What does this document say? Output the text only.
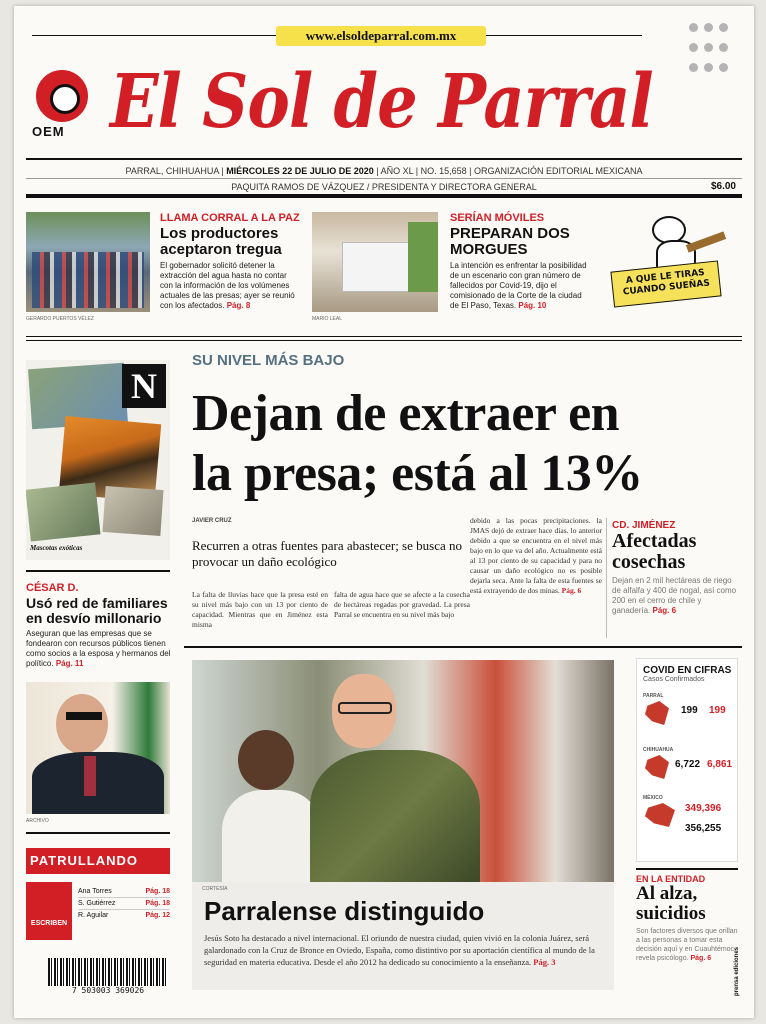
www.elsoldeparral.com.mx
OEM El Sol de Parral
PARRAL, CHIHUAHUA | MIÉRCOLES 22 DE JULIO DE 2020 | AÑO XL | NO. 15,658 | ORGANIZACIÓN EDITORIAL MEXICANA
PAQUITA RAMOS DE VÁZQUEZ / PRESIDENTA Y DIRECTORA GENERAL	$6.00
GERARDO PUERTOS VÉLEZ
LLAMA CORRAL A LA PAZ
Los productores aceptaron tregua
El gobernador solicitó detener la extracción del agua hasta no contar con la información de los volúmenes actuales de las presas; ayer se reunió con los afectados. Pág. 8
MARIO LEAL
SERÍAN MÓVILES
PREPARAN DOS MORGUES
La intención es enfrentar la posibilidad de un escenario con gran número de fallecidos por Covid-19, dijo el comisionado de la Corte de la ciudad de El Paso, Texas. Pág. 10
A QUE LE TIRAS CUANDO SUEÑAS
N
Mascotas exóticas
CÉSAR D.
Usó red de familiares en desvío millonario
Aseguran que las empresas que se fondearon con recursos públicos tienen como socios a la esposa y hermanos del político. Pág. 11
ARCHIVO
PATRULLANDO
ESCRIBEN
Ana Torres	Pág. 18
S. Gutiérrez	Pág. 18
R. Aguilar	Pág. 12
7 503003 369026
SU NIVEL MÁS BAJO
Dejan de extraer en
la presa; está al 13%
JAVIER CRUZ
Recurren a otras fuentes para abastecer; se busca no provocar un daño ecológico
La falta de lluvias hace que la presa esté en su nivel más bajo con un 13 por ciento de capacidad. Mientras que en Jiménez esta misma
falta de agua hace que se afecte a la cosecha de hectáreas regadas por gravedad. La presa Parral se encuentra en su nivel más bajo
debido a las pocas precipitaciones. la JMAS dejó de extraer hace días. lo anterior debido a que se encuentra en el nivel más bajo en lo que va del año. Actualmente está al 13 por ciento de su capacidad y para no causar un daño ecológico no es posible dejarla seca. Ante la falta de esta fuentes se está extrayendo de dos minas. Pág. 6
CD. JIMÉNEZ
Afectadas cosechas
Dejan en 2 mil hectáreas de riego de alfalfa y 400 de nogal, así como 200 en el cerro de chile y ganadería. Pág. 6
CORTESÍA
Parralense distinguido
Jesús Soto ha destacado a nivel internacional. El oriundo de nuestra ciudad, quien vivió en la colonia Juárez, será galardonado con la Cruz de Bronce en Oviedo, España, como distintivo por su aportación científica al mundo de la seguridad en materia educativa. Desde el año 2012 ha dedicado su conocimiento a la enseñanza. Pág. 3
COVID EN CIFRAS
Casos Confirmados
PARRAL
199 199
CHIHUAHUA
6,722 6,861
MÉXICO
349,396
356,255
EN LA ENTIDAD
Al alza, suicidios
Son factores diversos que orillan a las personas a tomar esta decisión aquí y en Cuauhtémoc, revela psicólogo. Pág. 6	prensa ediciones
